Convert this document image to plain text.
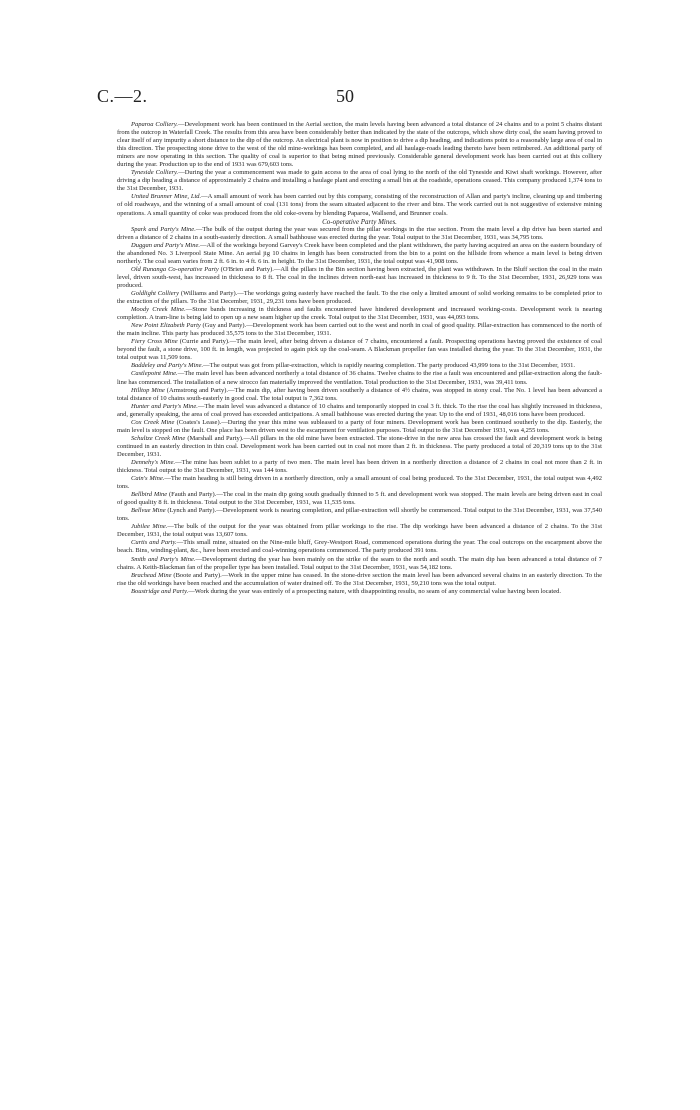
C.—2.	50

Paparoa Colliery.—Development work has been continued in the Aerial section, the main levels having been advanced a total distance of 24 chains and to a point 5 chains distant from the outcrop in Waterfall Creek. The results from this area have been considerably better than indicated by the state of the outcrops, which show dirty coal, the seam having proved to clear itself of any impurity a short distance to the dip of the outcrop. An electrical plant is now in position to drive a dip heading, and indications point to a reasonably large area of coal in this direction. The prospecting stone drive to the west of the old mine-workings has been completed, and all haulage-roads leading thereto have been retimbered. An additional party of miners are now operating in this section. The quality of coal is superior to that being mined previously. Considerable general development work has been carried out at this colliery during the year. Production up to the end of 1931 was 679,603 tons.

Tyneside Colliery.—During the year a commencement was made to gain access to the area of coal lying to the north of the old Tyneside and Kiwi shaft workings. However, after driving a dip heading a distance of approximately 2 chains and installing a haulage plant and erecting a small bin at the roadside, operations ceased. This company produced 1,374 tons to the 31st December, 1931.

United Brunner Mine, Ltd.—A small amount of work has been carried out by this company, consisting of the reconstruction of Allan and party's incline, cleaning up and timbering of old roadways, and the winning of a small amount of coal (131 tons) from the seam situated adjacent to the river and bins. The work carried out is not suggestive of extensive mining operations. A small quantity of coke was produced from the old coke-ovens by blending Paparoa, Wallsend, and Brunner coals.

Co-operative Party Mines.

Spark and Party's Mine.—The bulk of the output during the year was secured from the pillar workings in the rise section. From the main level a dip drive has been started and driven a distance of 2 chains in a south-easterly direction. A small bathhouse was erected during the year. Total output to the 31st December, 1931, was 34,795 tons.

Duggan and Party's Mine.—All of the workings beyond Garvey's Creek have been completed and the plant withdrawn, the party having acquired an area on the eastern boundary of the abandoned No. 3 Liverpool State Mine. An aerial jig 10 chains in length has been constructed from the bin to a point on the hillside from whence a main level is being driven northerly. The coal seam varies from 2 ft. 6 in. to 4 ft. 6 in. in height. To the 31st December, 1931, the total output was 41,908 tons.

Old Runanga Co-operative Party (O'Brien and Party).—All the pillars in the Bin section having been extracted, the plant was withdrawn. In the Bluff section the coal in the main level, driven south-west, has increased in thickness to 8 ft. The coal in the inclines driven north-east has increased in thickness to 9 ft. To the 31st December, 1931, 26,929 tons was produced.

Goldlight Colliery (Williams and Party).—The workings going easterly have reached the fault. To the rise only a limited amount of solid working remains to be completed prior to the extraction of the pillars. To the 31st December, 1931, 29,231 tons have been produced.

Moody Creek Mine.—Stone bands increasing in thickness and faults encountered have hindered development and increased working-costs. Development work is nearing completion. A tram-line is being laid to open up a new seam higher up the creek. Total output to the 31st December, 1931, was 44,093 tons.

New Point Elizabeth Party (Guy and Party).—Development work has been carried out to the west and north in coal of good quality. Pillar-extraction has commenced to the north of the main incline. This party has produced 35,575 tons to the 31st December, 1931.

Fiery Cross Mine (Currie and Party).—The main level, after being driven a distance of 7 chains, encountered a fault. Prospecting operations having proved the existence of coal beyond the fault, a stone drive, 100 ft. in length, was projected to again pick up the coal-seam. A Blackman propeller fan was installed during the year. To the 31st December, 1931, the total output was 11,509 tons.

Baddeley and Party's Mine.—The output was got from pillar-extraction, which is rapidly nearing completion. The party produced 43,999 tons to the 31st December, 1931.

Castlepoint Mine.—The main level has been advanced northerly a total distance of 36 chains. Twelve chains to the rise a fault was encountered and pillar-extraction along the fault-line has commenced. The installation of a new sirocco fan materially improved the ventilation. Total production to the 31st December, 1931, was 39,411 tons.

Hilltop Mine (Armstrong and Party).—The main dip, after having been driven southerly a distance of 4½ chains, was stopped in stony coal. The No. 1 level has been advanced a total distance of 10 chains south-easterly in good coal. The total output is 7,362 tons.

Hunter and Party's Mine.—The main level was advanced a distance of 10 chains and temporarily stopped in coal 3 ft. thick. To the rise the coal has slightly increased in thickness, and, generally speaking, the area of coal proved has exceeded anticipations. A small bathhouse was erected during the year. Up to the end of 1931, 48,016 tons have been produced.

Cox Creek Mine (Coates's Lease).—During the year this mine was subleased to a party of four miners. Development work has been continued southerly to the dip. Easterly, the main level is stopped on the fault. One place has been driven west to the escarpment for ventilation purposes. Total output to the 31st December 1931, was 4,255 tons.

Schultze Creek Mine (Marshall and Party).—All pillars in the old mine have been extracted. The stone-drive in the new area has crossed the fault and development work is being continued in an easterly direction in thin coal. Development work has been carried out in coal not more than 2 ft. in thickness. The party produced a total of 20,319 tons up to the 31st December, 1931.

Dennehy's Mine.—The mine has been sublet to a party of two men. The main level has been driven in a northerly direction a distance of 2 chains in coal not more than 2 ft. in thickness. Total output to the 31st December, 1931, was 144 tons.

Cain's Mine.—The main heading is still being driven in a northerly direction, only a small amount of coal being produced. To the 31st December, 1931, the total output was 4,492 tons.

Bellbird Mine (Fauth and Party).—The coal in the main dip going south gradually thinned to 5 ft. and development work was stopped. The main levels are being driven east in coal of good quality 8 ft. in thickness. Total output to the 31st December, 1931, was 11,535 tons.

Bellvue Mine (Lynch and Party).—Development work is nearing completion, and pillar-extraction will shortly be commenced. Total output to the 31st December, 1931, was 37,540 tons.

Jubilee Mine.—The bulk of the output for the year was obtained from pillar workings to the rise. The dip workings have been advanced a distance of 2 chains. To the 31st December, 1931, the total output was 13,607 tons.

Curtis and Party.—This small mine, situated on the Nine-mile bluff, Grey-Westport Road, commenced operations during the year. The coal outcrops on the escarpment above the beach. Bins, winding-plant, &c., have been erected and coal-winning operations commenced. The party produced 391 tons.

Smith and Party's Mine.—Development during the year has been mainly on the strike of the seam to the north and south. The main dip has been advanced a total distance of 7 chains. A Keith-Blackman fan of the propeller type has been installed. Total output to the 31st December, 1931, was 54,182 tons.

Brachead Mine (Boote and Party).—Work in the upper mine has ceased. In the stone-drive section the main level has been advanced several chains in an easterly direction. To the rise the old workings have been reached and the accumulation of water drained off. To the 31st December, 1931, 59,210 tons was the total output.

Boustridge and Party.—Work during the year was entirely of a prospecting nature, with disappointing results, no seam of any commercial value having been located.
